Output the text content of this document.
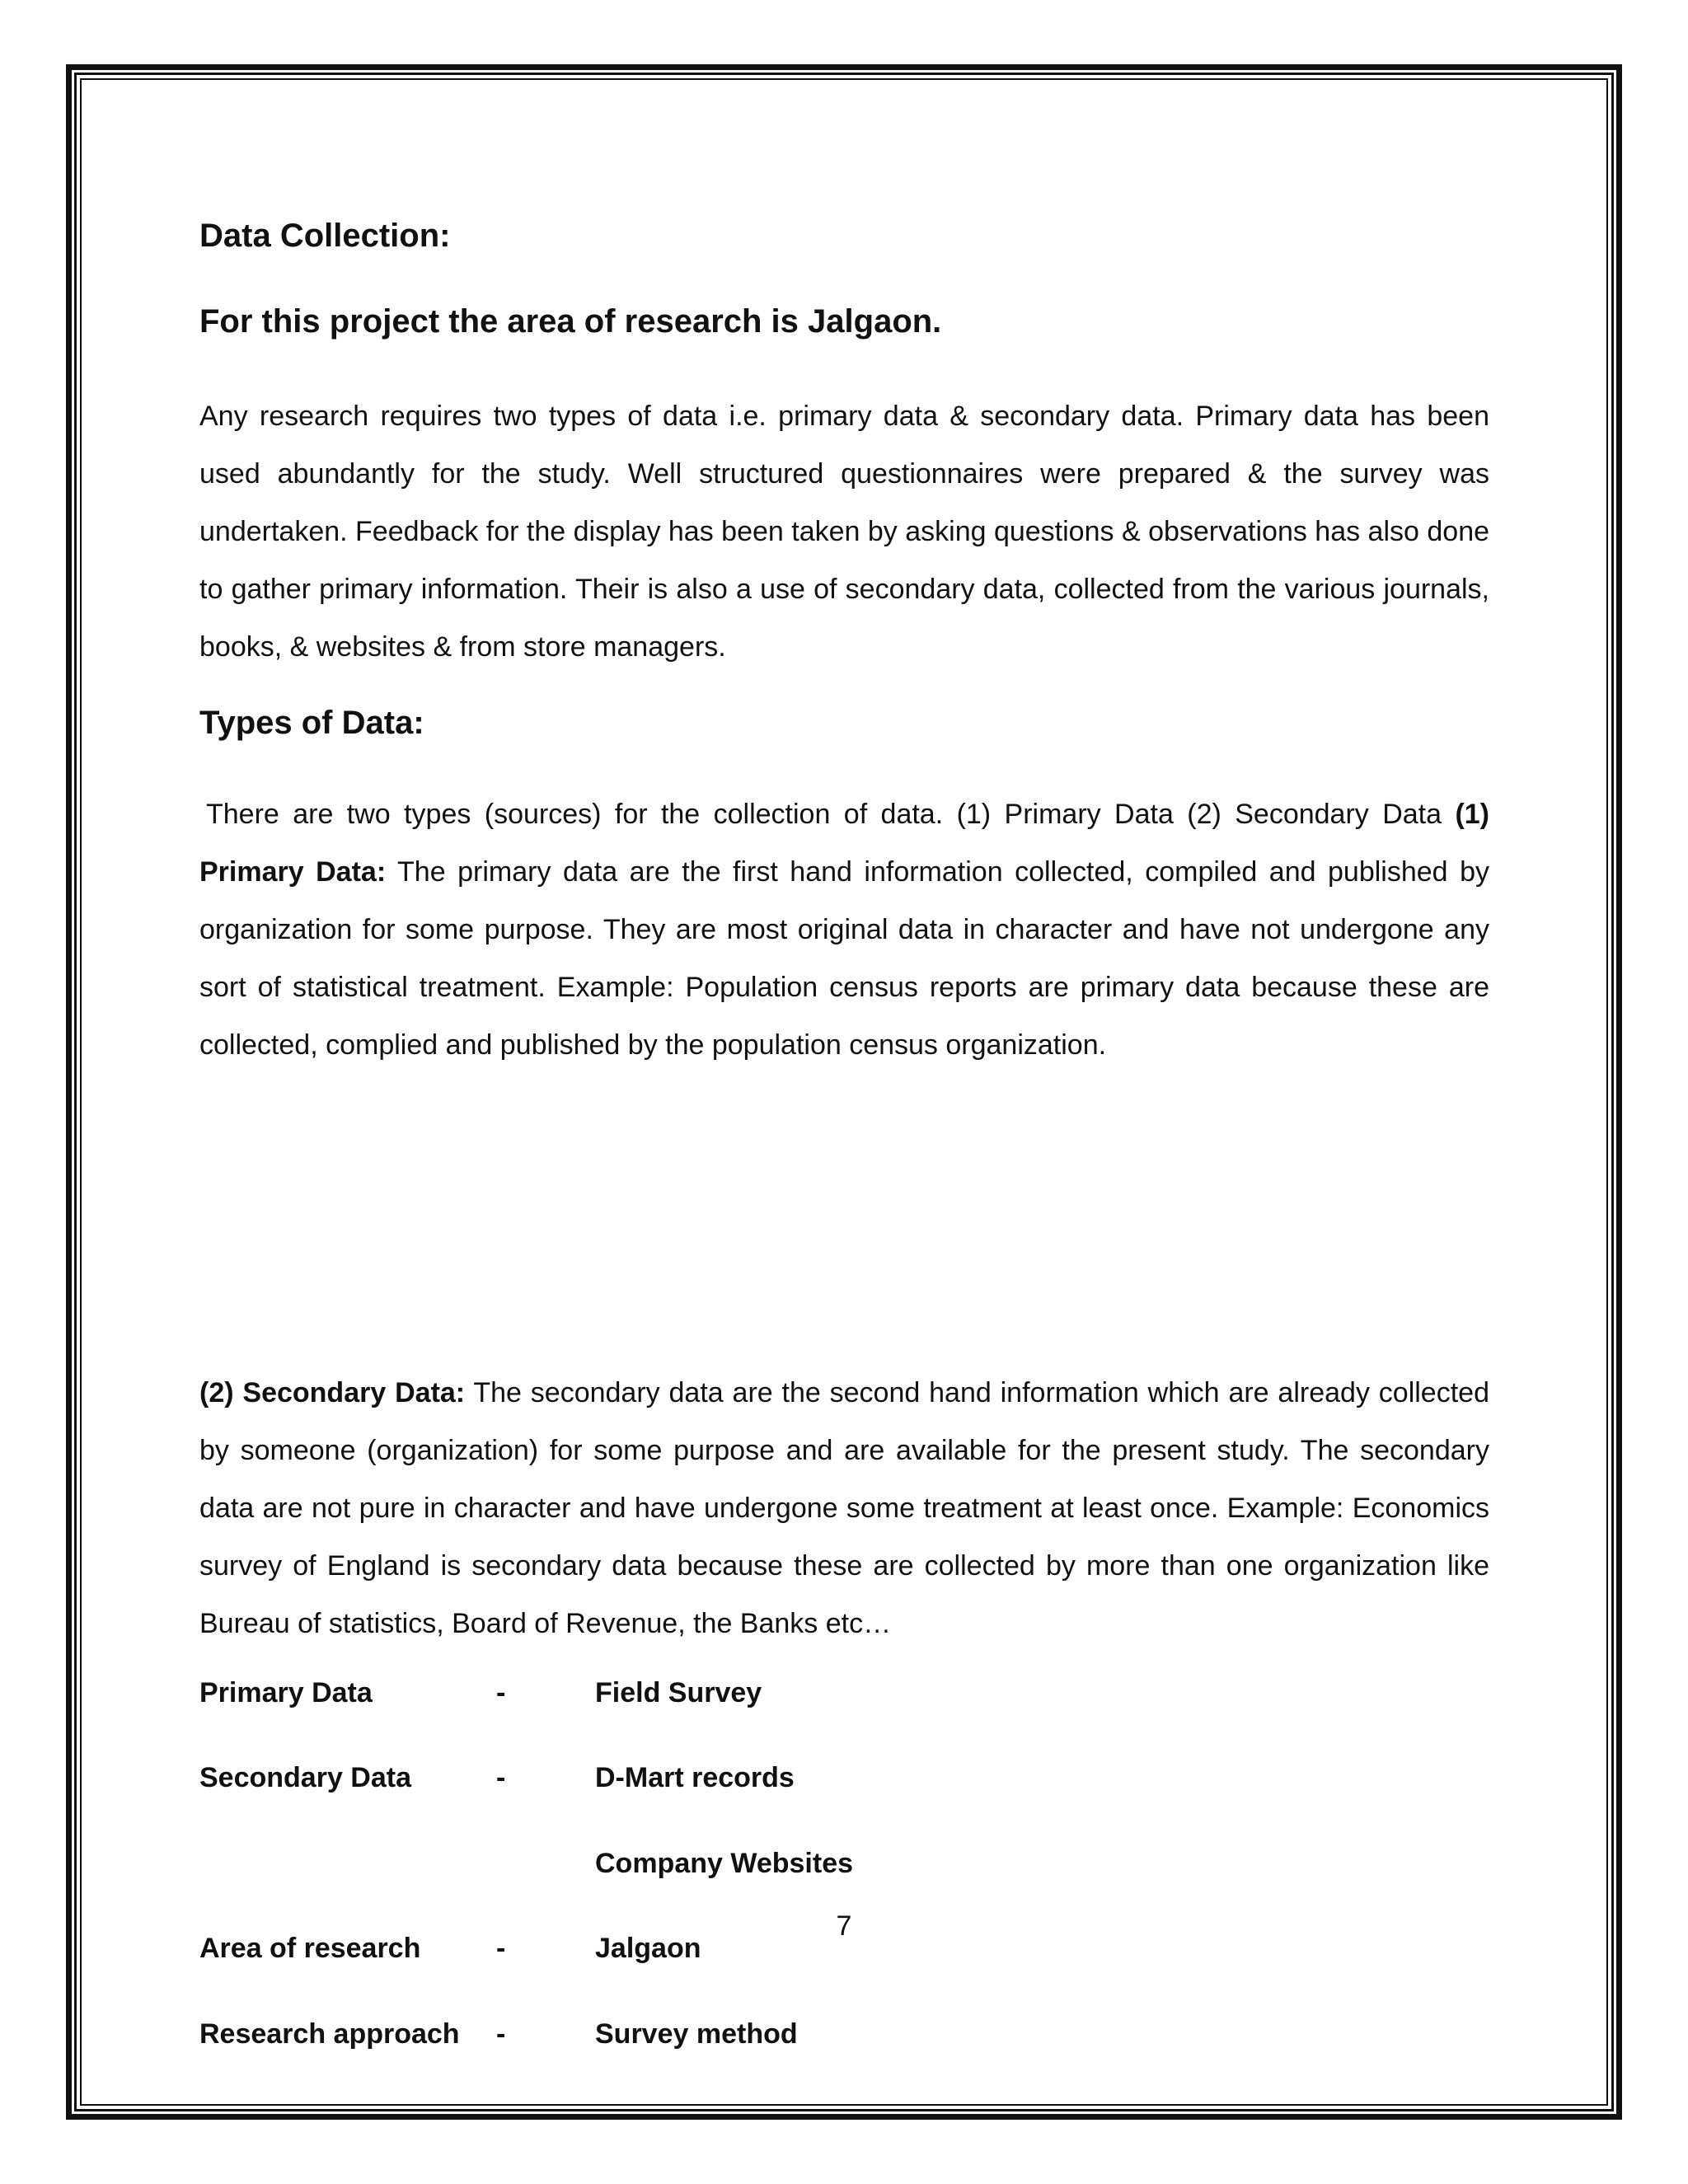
Data Collection:
For this project the area of research is Jalgaon.

Any research requires two types of data i.e. primary data & secondary data. Primary data has been used abundantly for the study. Well structured questionnaires were prepared & the survey was undertaken. Feedback for the display has been taken by asking questions & observations has also done to gather primary information. Their is also a use of secondary data, collected from the various journals, books, & websites & from store managers.

Types of Data:

There are two types (sources) for the collection of data. (1) Primary Data (2) Secondary Data (1) Primary Data: The primary data are the first hand information collected, compiled and published by organization for some purpose. They are most original data in character and have not undergone any sort of statistical treatment. Example: Population census reports are primary data because these are collected, complied and published by the population census organization.

(2) Secondary Data: The secondary data are the second hand information which are already collected by someone (organization) for some purpose and are available for the present study. The secondary data are not pure in character and have undergone some treatment at least once. Example: Economics survey of England is secondary data because these are collected by more than one organization like Bureau of statistics, Board of Revenue, the Banks etc…

Primary Data	-	Field Survey
Secondary Data	-	D-Mart records
Company Websites
Area of research	-	Jalgaon
Research approach -	Survey method
7
